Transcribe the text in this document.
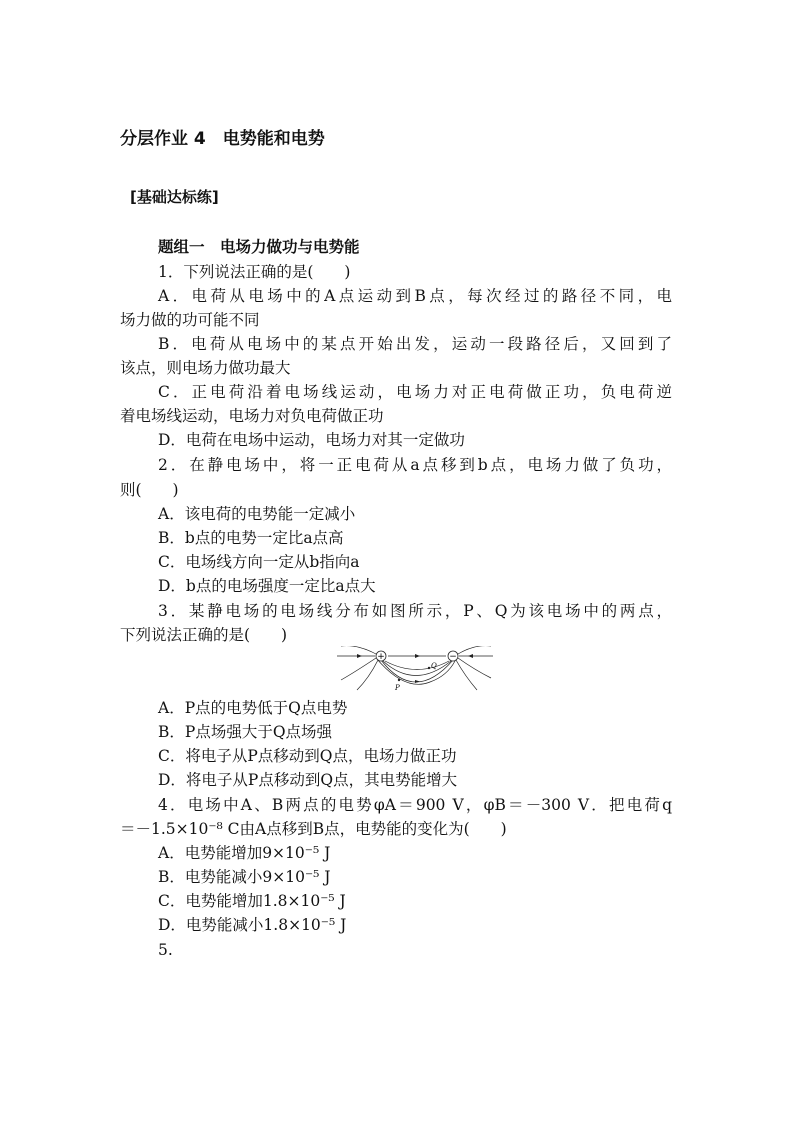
分层作业 4　电势能和电势
[基础达标练]
题组一　电场力做功与电势能
1．下列说法正确的是(　　)
A．电荷从电场中的A点运动到B点，每次经过的路径不同，电
场力做的功可能不同
B．电荷从电场中的某点开始出发，运动一段路径后，又回到了
该点，则电场力做功最大
C．正电荷沿着电场线运动，电场力对正电荷做正功，负电荷逆
着电场线运动，电场力对负电荷做正功
D．电荷在电场中运动，电场力对其一定做功
2．在静电场中，将一正电荷从a点移到b点，电场力做了负功，
则(　　)
A．该电荷的电势能一定减小
B．b点的电势一定比a点高
C．电场线方向一定从b指向a
D．b点的电场强度一定比a点大
3．某静电场的电场线分布如图所示，P、Q为该电场中的两点，
下列说法正确的是(　　)
+	−
P
Q
A．P点的电势低于Q点电势
B．P点场强大于Q点场强
C．将电子从P点移动到Q点，电场力做正功
D．将电子从P点移动到Q点，其电势能增大
4．电场中A、B两点的电势φA＝900 V，φB＝－300 V．把电荷q
＝－1.5×10⁻⁸ C由A点移到B点，电势能的变化为(　　)
A．电势能增加9×10⁻⁵ J
B．电势能减小9×10⁻⁵ J
C．电势能增加1.8×10⁻⁵ J
D．电势能减小1.8×10⁻⁵ J
5.
